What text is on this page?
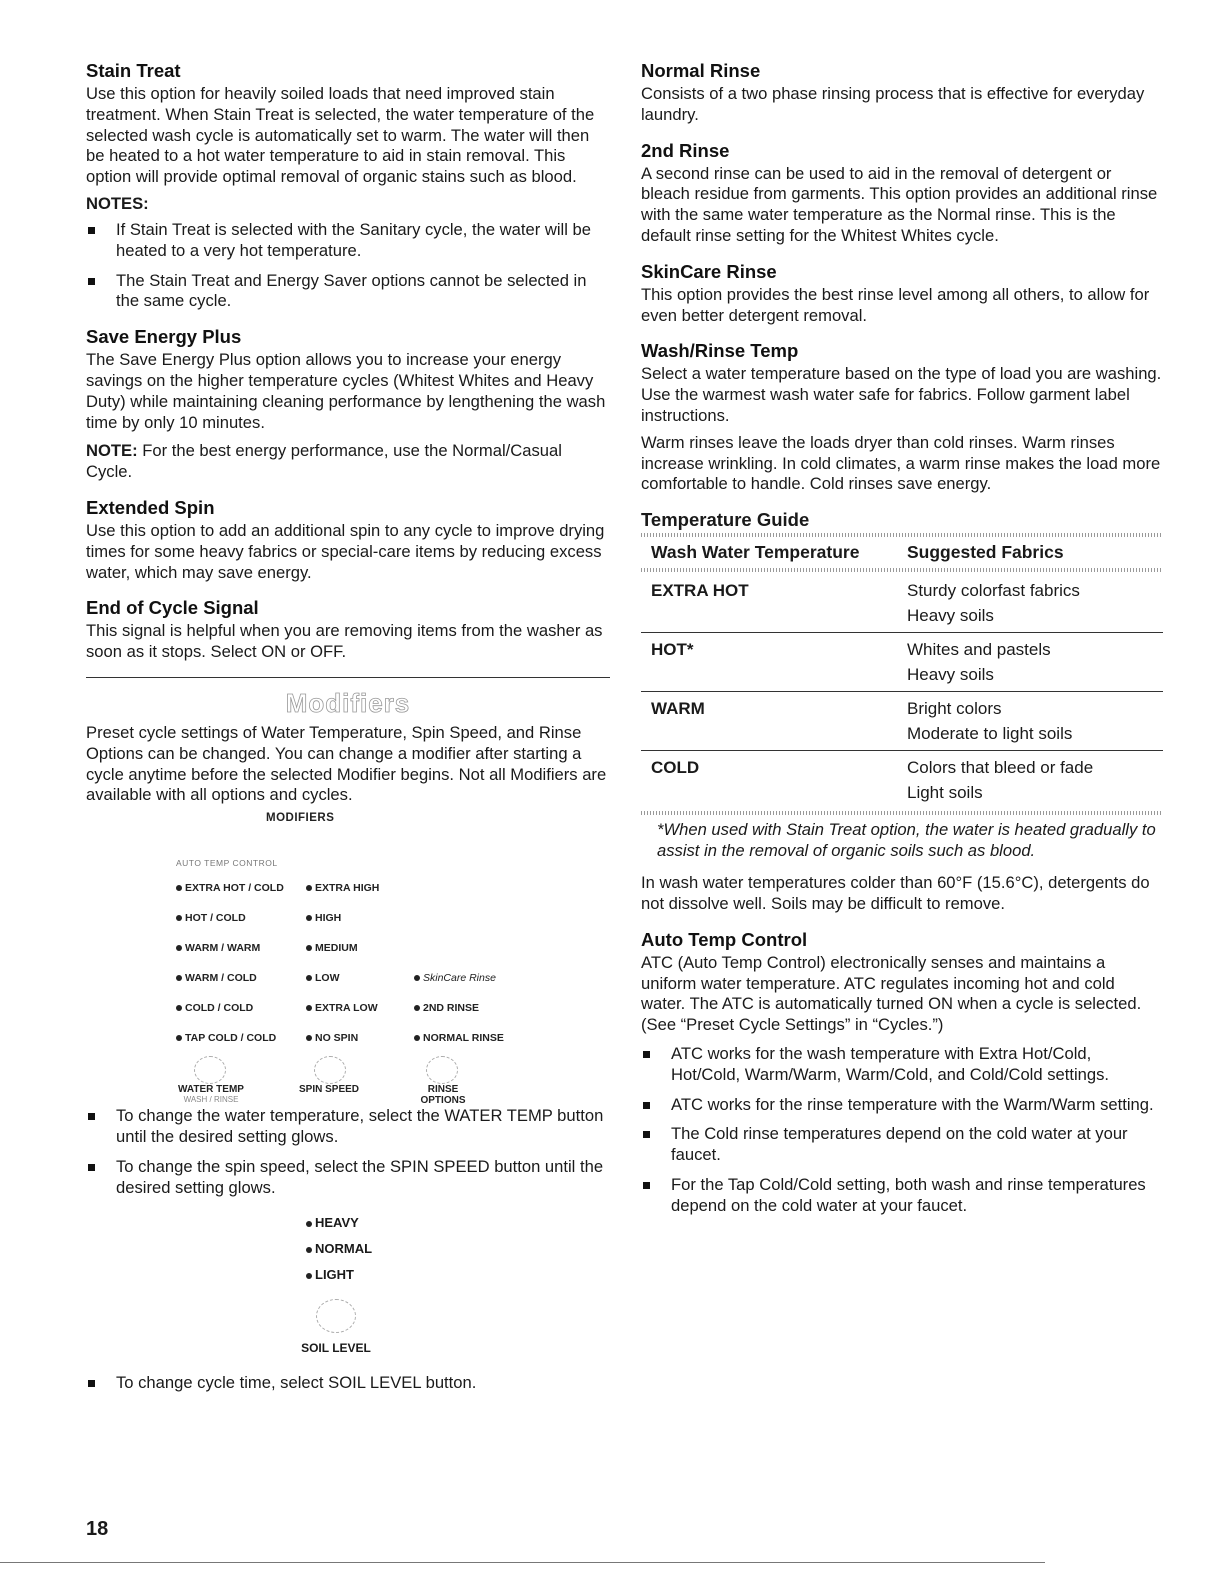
Stain Treat

Use this option for heavily soiled loads that need improved stain treatment. When Stain Treat is selected, the water temperature of the selected wash cycle is automatically set to warm. The water will then be heated to a hot water temperature to aid in stain removal. This option will provide optimal removal of organic stains such as blood.

NOTES:
If Stain Treat is selected with the Sanitary cycle, the water will be heated to a very hot temperature.
The Stain Treat and Energy Saver options cannot be selected in the same cycle.
Save Energy Plus

The Save Energy Plus option allows you to increase your energy savings on the higher temperature cycles (Whitest Whites and Heavy Duty) while maintaining cleaning performance by lengthening the wash time by only 10 minutes.

NOTE: For the best energy performance, use the Normal/Casual Cycle.

Extended Spin

Use this option to add an additional spin to any cycle to improve drying times for some heavy fabrics or special-care items by reducing excess water, which may save energy.

End of Cycle Signal

This signal is helpful when you are removing items from the washer as soon as it stops. Select ON or OFF.

Modifiers

Preset cycle settings of Water Temperature, Spin Speed, and Rinse Options can be changed. You can change a modifier after starting a cycle anytime before the selected Modifier begins. Not all Modifiers are available with all options and cycles.

MODIFIERS
AUTO TEMP CONTROL
EXTRA HOT / COLD
HOT / COLD
WARM / WARM
WARM / COLD
COLD / COLD
TAP COLD / COLD
EXTRA HIGH
HIGH
MEDIUM
LOW
EXTRA LOW
NO SPIN
SkinCare Rinse
2ND RINSE
NORMAL RINSE
WATER TEMP
WASH / RINSE
SPIN SPEED	RINSE
OPTIONS
To change the water temperature, select the WATER TEMP button until the desired setting glows.
To change the spin speed, select the SPIN SPEED button until the desired setting glows.
HEAVY
NORMAL
LIGHT
SOIL LEVEL
To change cycle time, select SOIL LEVEL button.
Normal Rinse

Consists of a two phase rinsing process that is effective for everyday laundry.

2nd Rinse

A second rinse can be used to aid in the removal of detergent or bleach residue from garments. This option provides an additional rinse with the same water temperature as the Normal rinse. This is the default rinse setting for the Whitest Whites cycle.

SkinCare Rinse

This option provides the best rinse level among all others, to allow for even better detergent removal.

Wash/Rinse Temp

Select a water temperature based on the type of load you are washing. Use the warmest wash water safe for fabrics. Follow garment label instructions.

Warm rinses leave the loads dryer than cold rinses. Warm rinses increase wrinkling. In cold climates, a warm rinse makes the load more comfortable to handle. Cold rinses save energy.

Temperature Guide
Wash Water Temperature	Suggested Fabrics

EXTRA HOT	Sturdy colorfast fabrics
Heavy soils
HOT*	Whites and pastels
Heavy soils
WARM	Bright colors
Moderate to light soils
COLD	Colors that bleed or fade
Light soils
*When used with Stain Treat option, the water is heated gradually to assist in the removal of organic soils such as blood.

In wash water temperatures colder than 60°F (15.6°C), detergents do not dissolve well. Soils may be difficult to remove.

Auto Temp Control

ATC (Auto Temp Control) electronically senses and maintains a uniform water temperature. ATC regulates incoming hot and cold water. The ATC is automatically turned ON when a cycle is selected. (See “Preset Cycle Settings” in “Cycles.”)

ATC works for the wash temperature with Extra Hot/Cold, Hot/Cold, Warm/Warm, Warm/Cold, and Cold/Cold settings.
ATC works for the rinse temperature with the Warm/Warm setting.
The Cold rinse temperatures depend on the cold water at your faucet.
For the Tap Cold/Cold setting, both wash and rinse temperatures depend on the cold water at your faucet.
18
